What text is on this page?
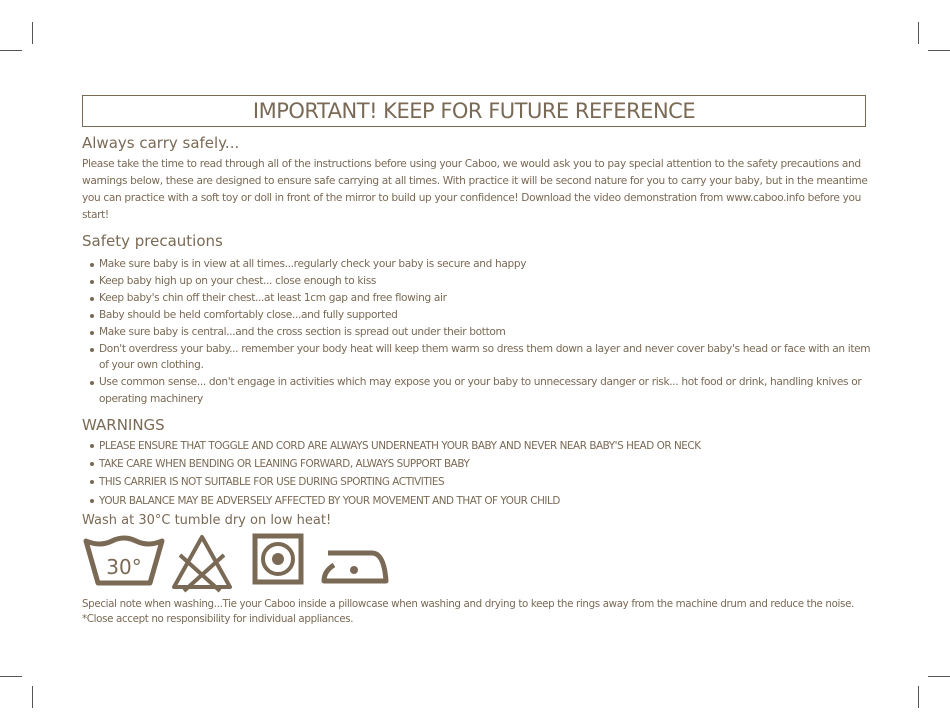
IMPORTANT! KEEP FOR FUTURE REFERENCE
Always carry safely...

Please take the time to read through all of the instructions before using your Caboo, we would ask you to pay special attention to the safety precautions and warnings below, these are designed to ensure safe carrying at all times. With practice it will be second nature for you to carry your baby, but in the meantime you can practice with a soft toy or doll in front of the mirror to build up your confidence! Download the video demonstration from www.caboo.info before you start!

Safety precautions
Make sure baby is in view at all times...regularly check your baby is secure and happy
Keep baby high up on your chest... close enough to kiss
Keep baby's chin off their chest...at least 1cm gap and free flowing air
Baby should be held comfortably close...and fully supported
Make sure baby is central...and the cross section is spread out under their bottom
Don't overdress your baby... remember your body heat will keep them warm so dress them down a layer and never cover baby's head or face with an item of your own clothing.
Use common sense... don't engage in activities which may expose you or your baby to unnecessary danger or risk... hot food or drink, handling knives or operating machinery
WARNINGS
PLEASE ENSURE THAT TOGGLE AND CORD ARE ALWAYS UNDERNEATH YOUR BABY AND NEVER NEAR BABY'S HEAD OR NECK
TAKE CARE WHEN BENDING OR LEANING FORWARD, ALWAYS SUPPORT BABY
THIS CARRIER IS NOT SUITABLE FOR USE DURING SPORTING ACTIVITIES
YOUR BALANCE MAY BE ADVERSELY AFFECTED BY YOUR MOVEMENT AND THAT OF YOUR CHILD
Wash at 30°C tumble dry on low heat!
30°

Special note when washing...Tie your Caboo inside a pillowcase when washing and drying to keep the rings away from the machine drum and reduce the noise.
*Close accept no responsibility for individual appliances.
